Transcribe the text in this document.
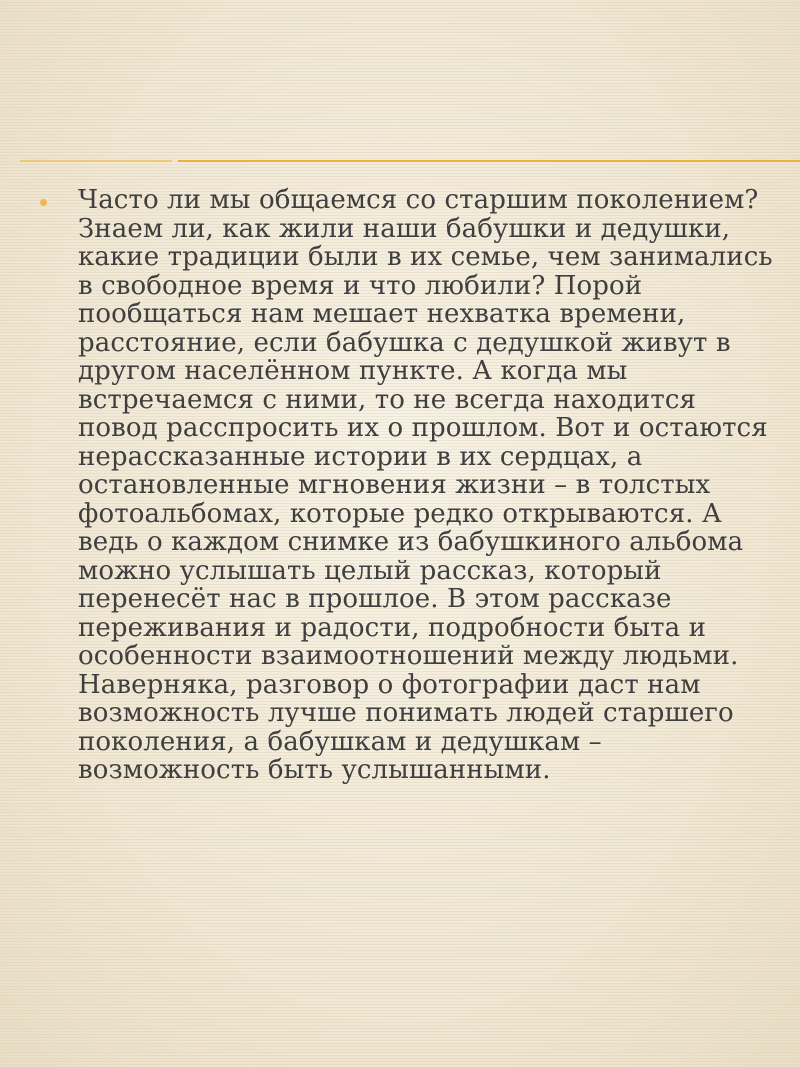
Часто ли мы общаемся со старшим поколением? Знаем ли, как жили наши бабушки и дедушки, какие традиции были в их семье, чем занимались в свободное время и что любили? Порой пообщаться нам мешает нехватка времени, расстояние, если бабушка с дедушкой живут в другом населённом пункте. А когда мы встречаемся с ними, то не всегда находится повод расспросить их о прошлом. Вот и остаются нерассказанные истории в их сердцах, а остановленные мгновения жизни – в толстых фотоальбомах, которые редко открываются. А ведь о каждом снимке из бабушкиного альбома можно услышать целый рассказ, который перенесёт нас в прошлое. В этом рассказе переживания и радости, подробности быта и особенности взаимоотношений между людьми. Наверняка, разговор о фотографии даст нам возможность лучше понимать людей старшего поколения, а бабушкам и дедушкам – возможность быть услышанными.
